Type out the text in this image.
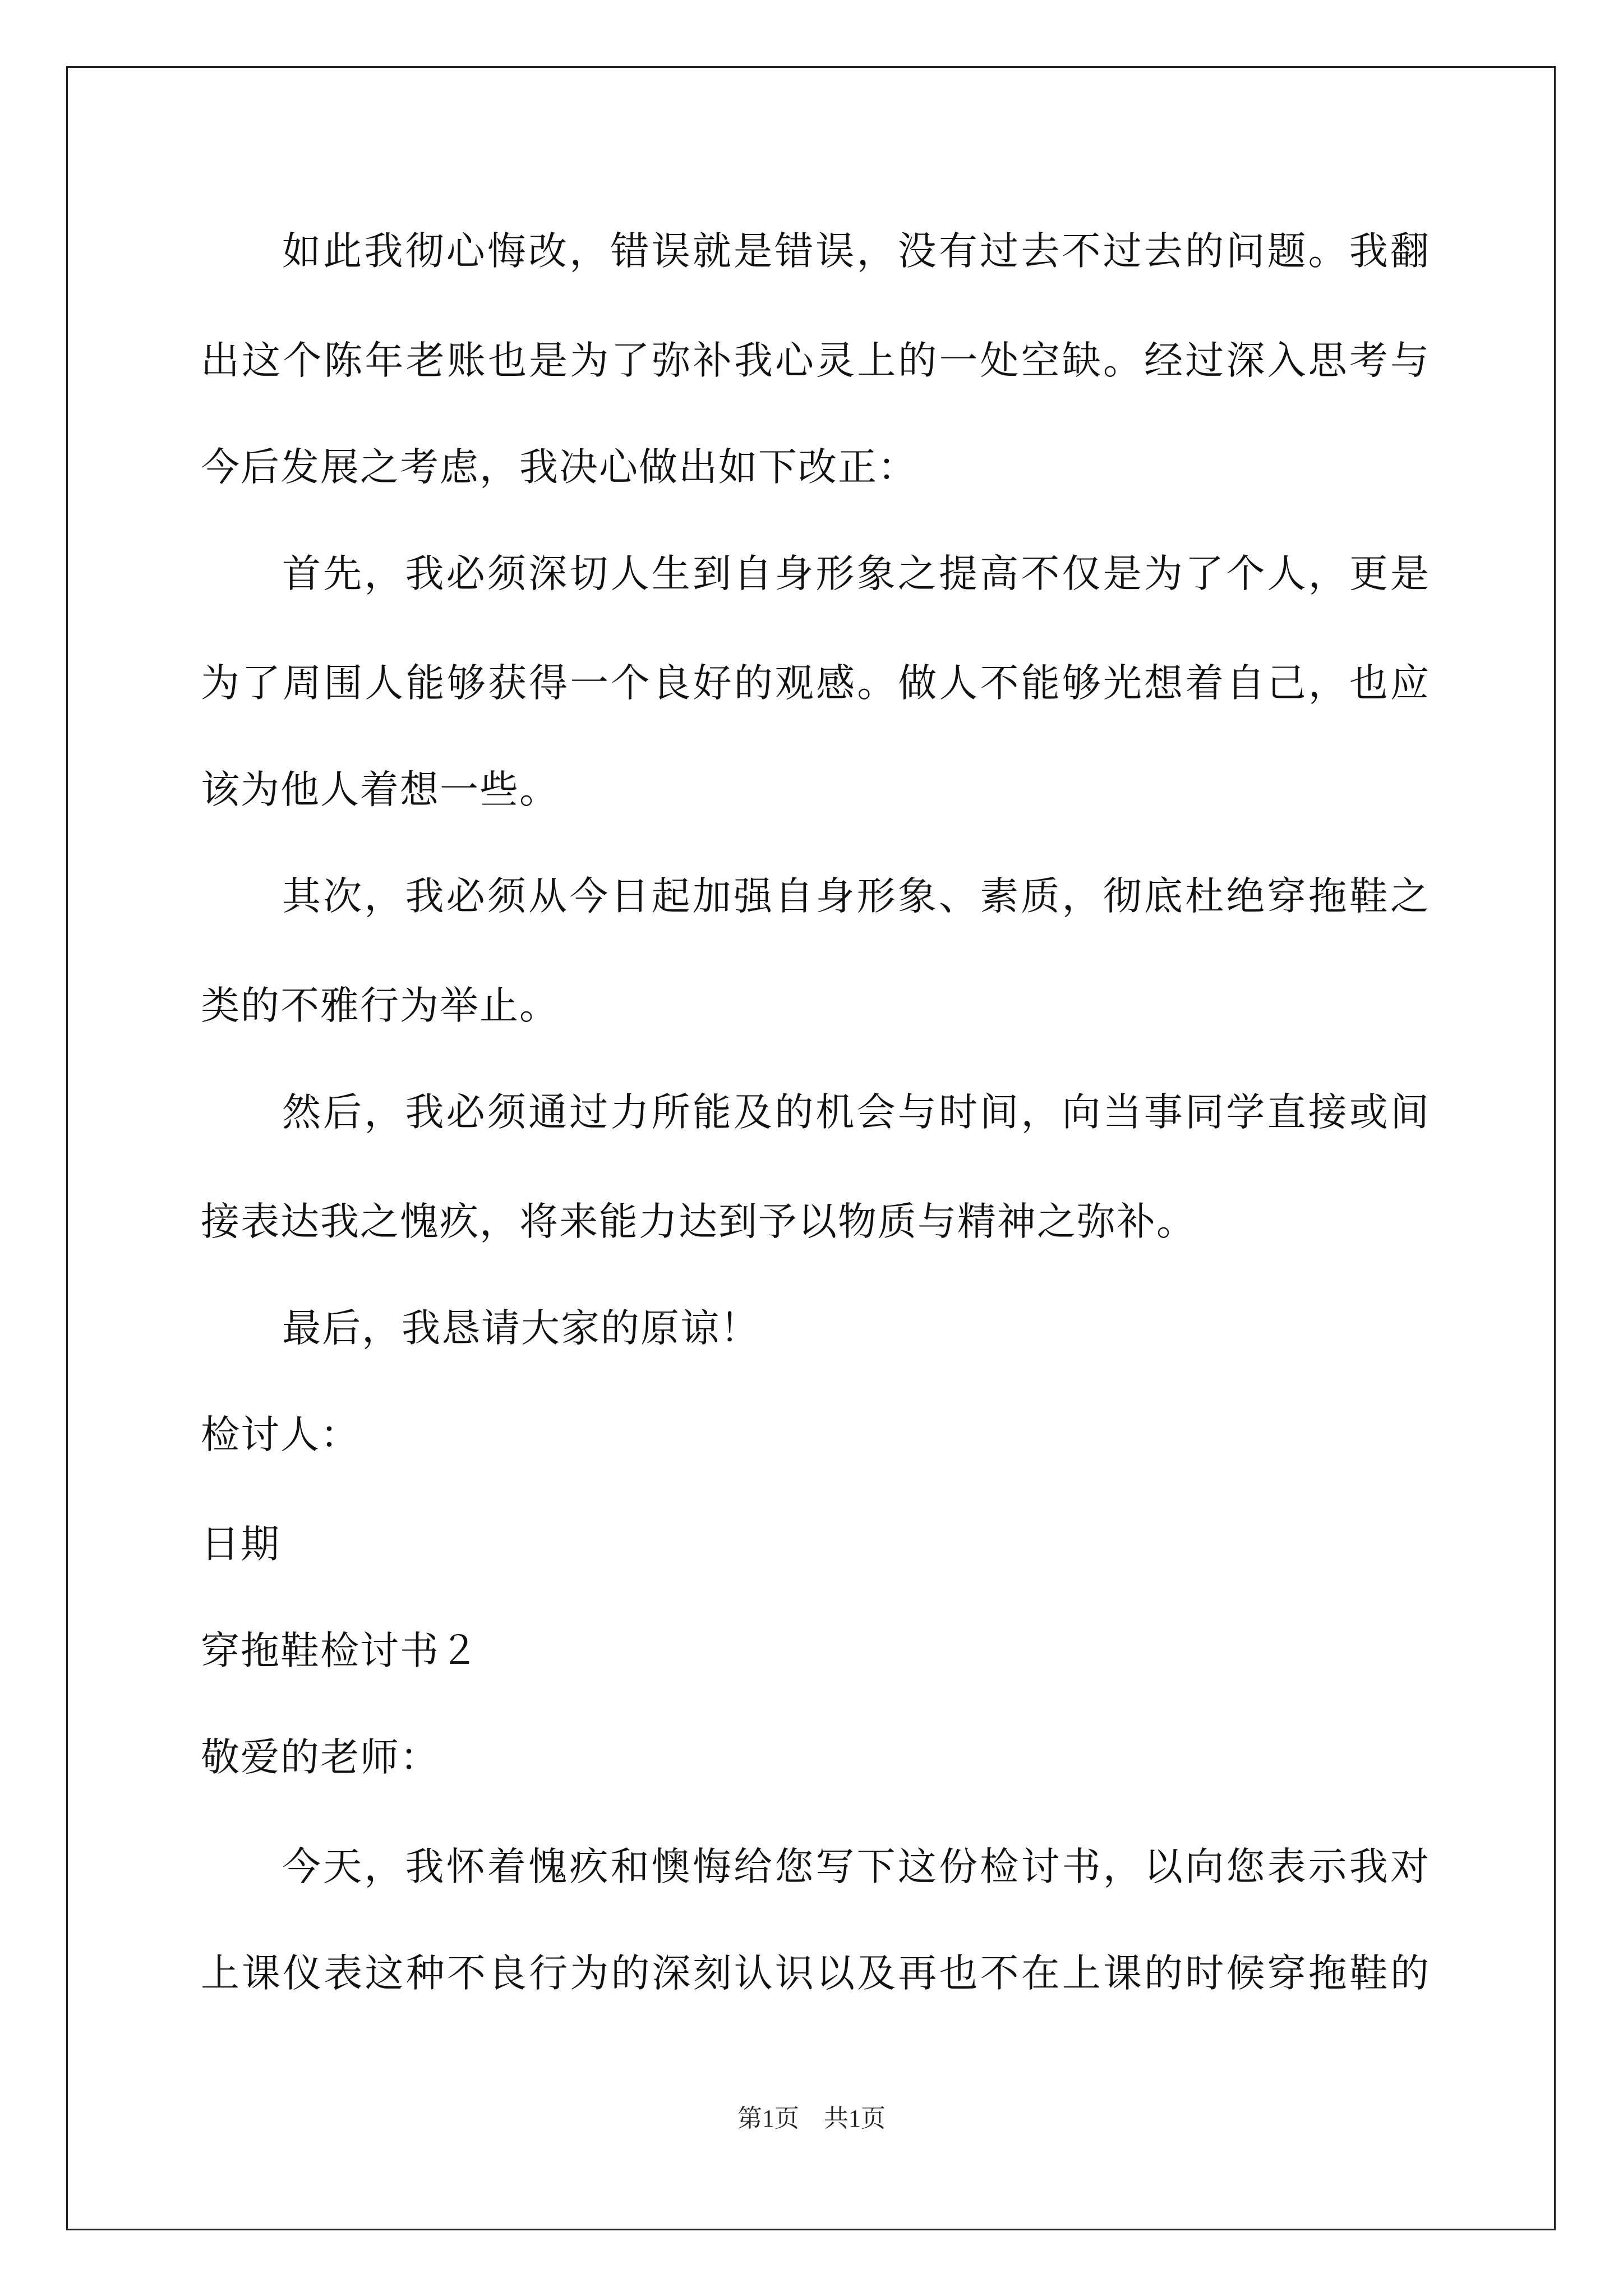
如此我彻心悔改，错误就是错误，没有过去不过去的问题。我翻
出这个陈年老账也是为了弥补我心灵上的一处空缺。经过深入思考与
今后发展之考虑，我决心做出如下改正：
首先，我必须深切人生到自身形象之提高不仅是为了个人，更是
为了周围人能够获得一个良好的观感。做人不能够光想着自己，也应
该为他人着想一些。
其次，我必须从今日起加强自身形象、素质，彻底杜绝穿拖鞋之
类的不雅行为举止。
然后，我必须通过力所能及的机会与时间，向当事同学直接或间
接表达我之愧疚，将来能力达到予以物质与精神之弥补。
最后，我恳请大家的原谅！
检讨人：
日期
穿拖鞋检讨书２
敬爱的老师：
今天，我怀着愧疚和懊悔给您写下这份检讨书，以向您表示我对
上课仪表这种不良行为的深刻认识以及再也不在上课的时候穿拖鞋的
第1页　共1页
